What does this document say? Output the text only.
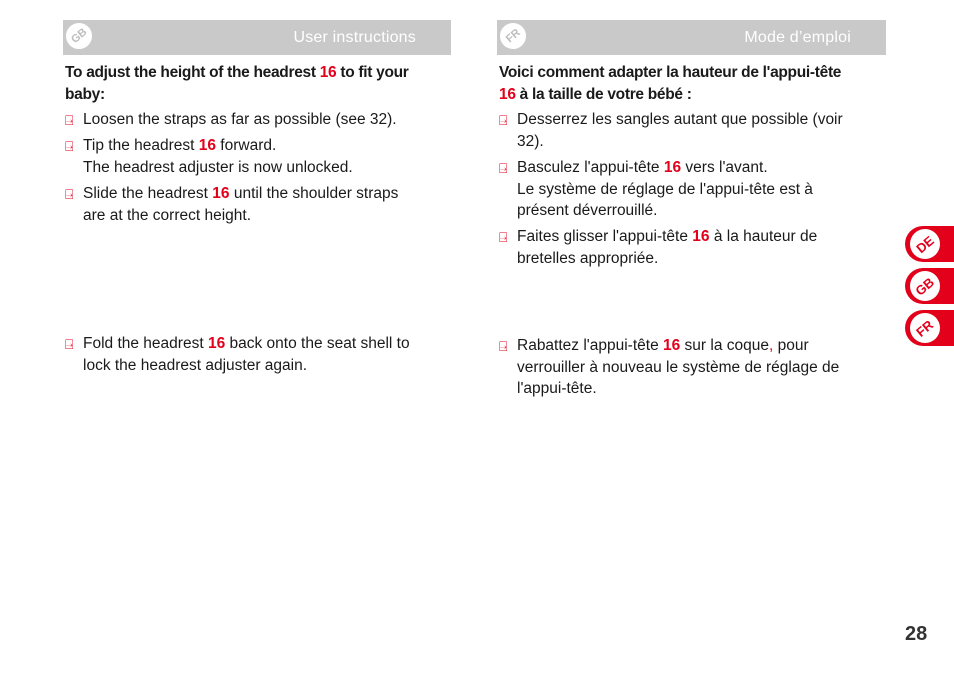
GB	User instructions	FR	Mode d’emploi
To adjust the height of the headrest 16 to fit your
baby:
⍈ Loosen the straps as far as possible (see 32).
⍈ Tip the headrest 16 forward.
The headrest adjuster is now unlocked.
⍈ Slide the headrest 16 until the shoulder straps
are at the correct height.
⍈ Fold the headrest 16 back onto the seat shell to
lock the headrest adjuster again.
Voici comment adapter la hauteur de l'appui-tête
16 à la taille de votre bébé :
⍈ Desserrez les sangles autant que possible (voir
32).
⍈ Basculez l'appui-tête 16 vers l'avant.
Le système de réglage de l'appui-tête est à
présent déverrouillé.
⍈ Faites glisser l'appui-tête 16 à la hauteur de
bretelles appropriée.
⍈ Rabattez l'appui-tête 16 sur la coque, pour
verrouiller à nouveau le système de réglage de
l'appui-tête.
DE
GB
FR
28
